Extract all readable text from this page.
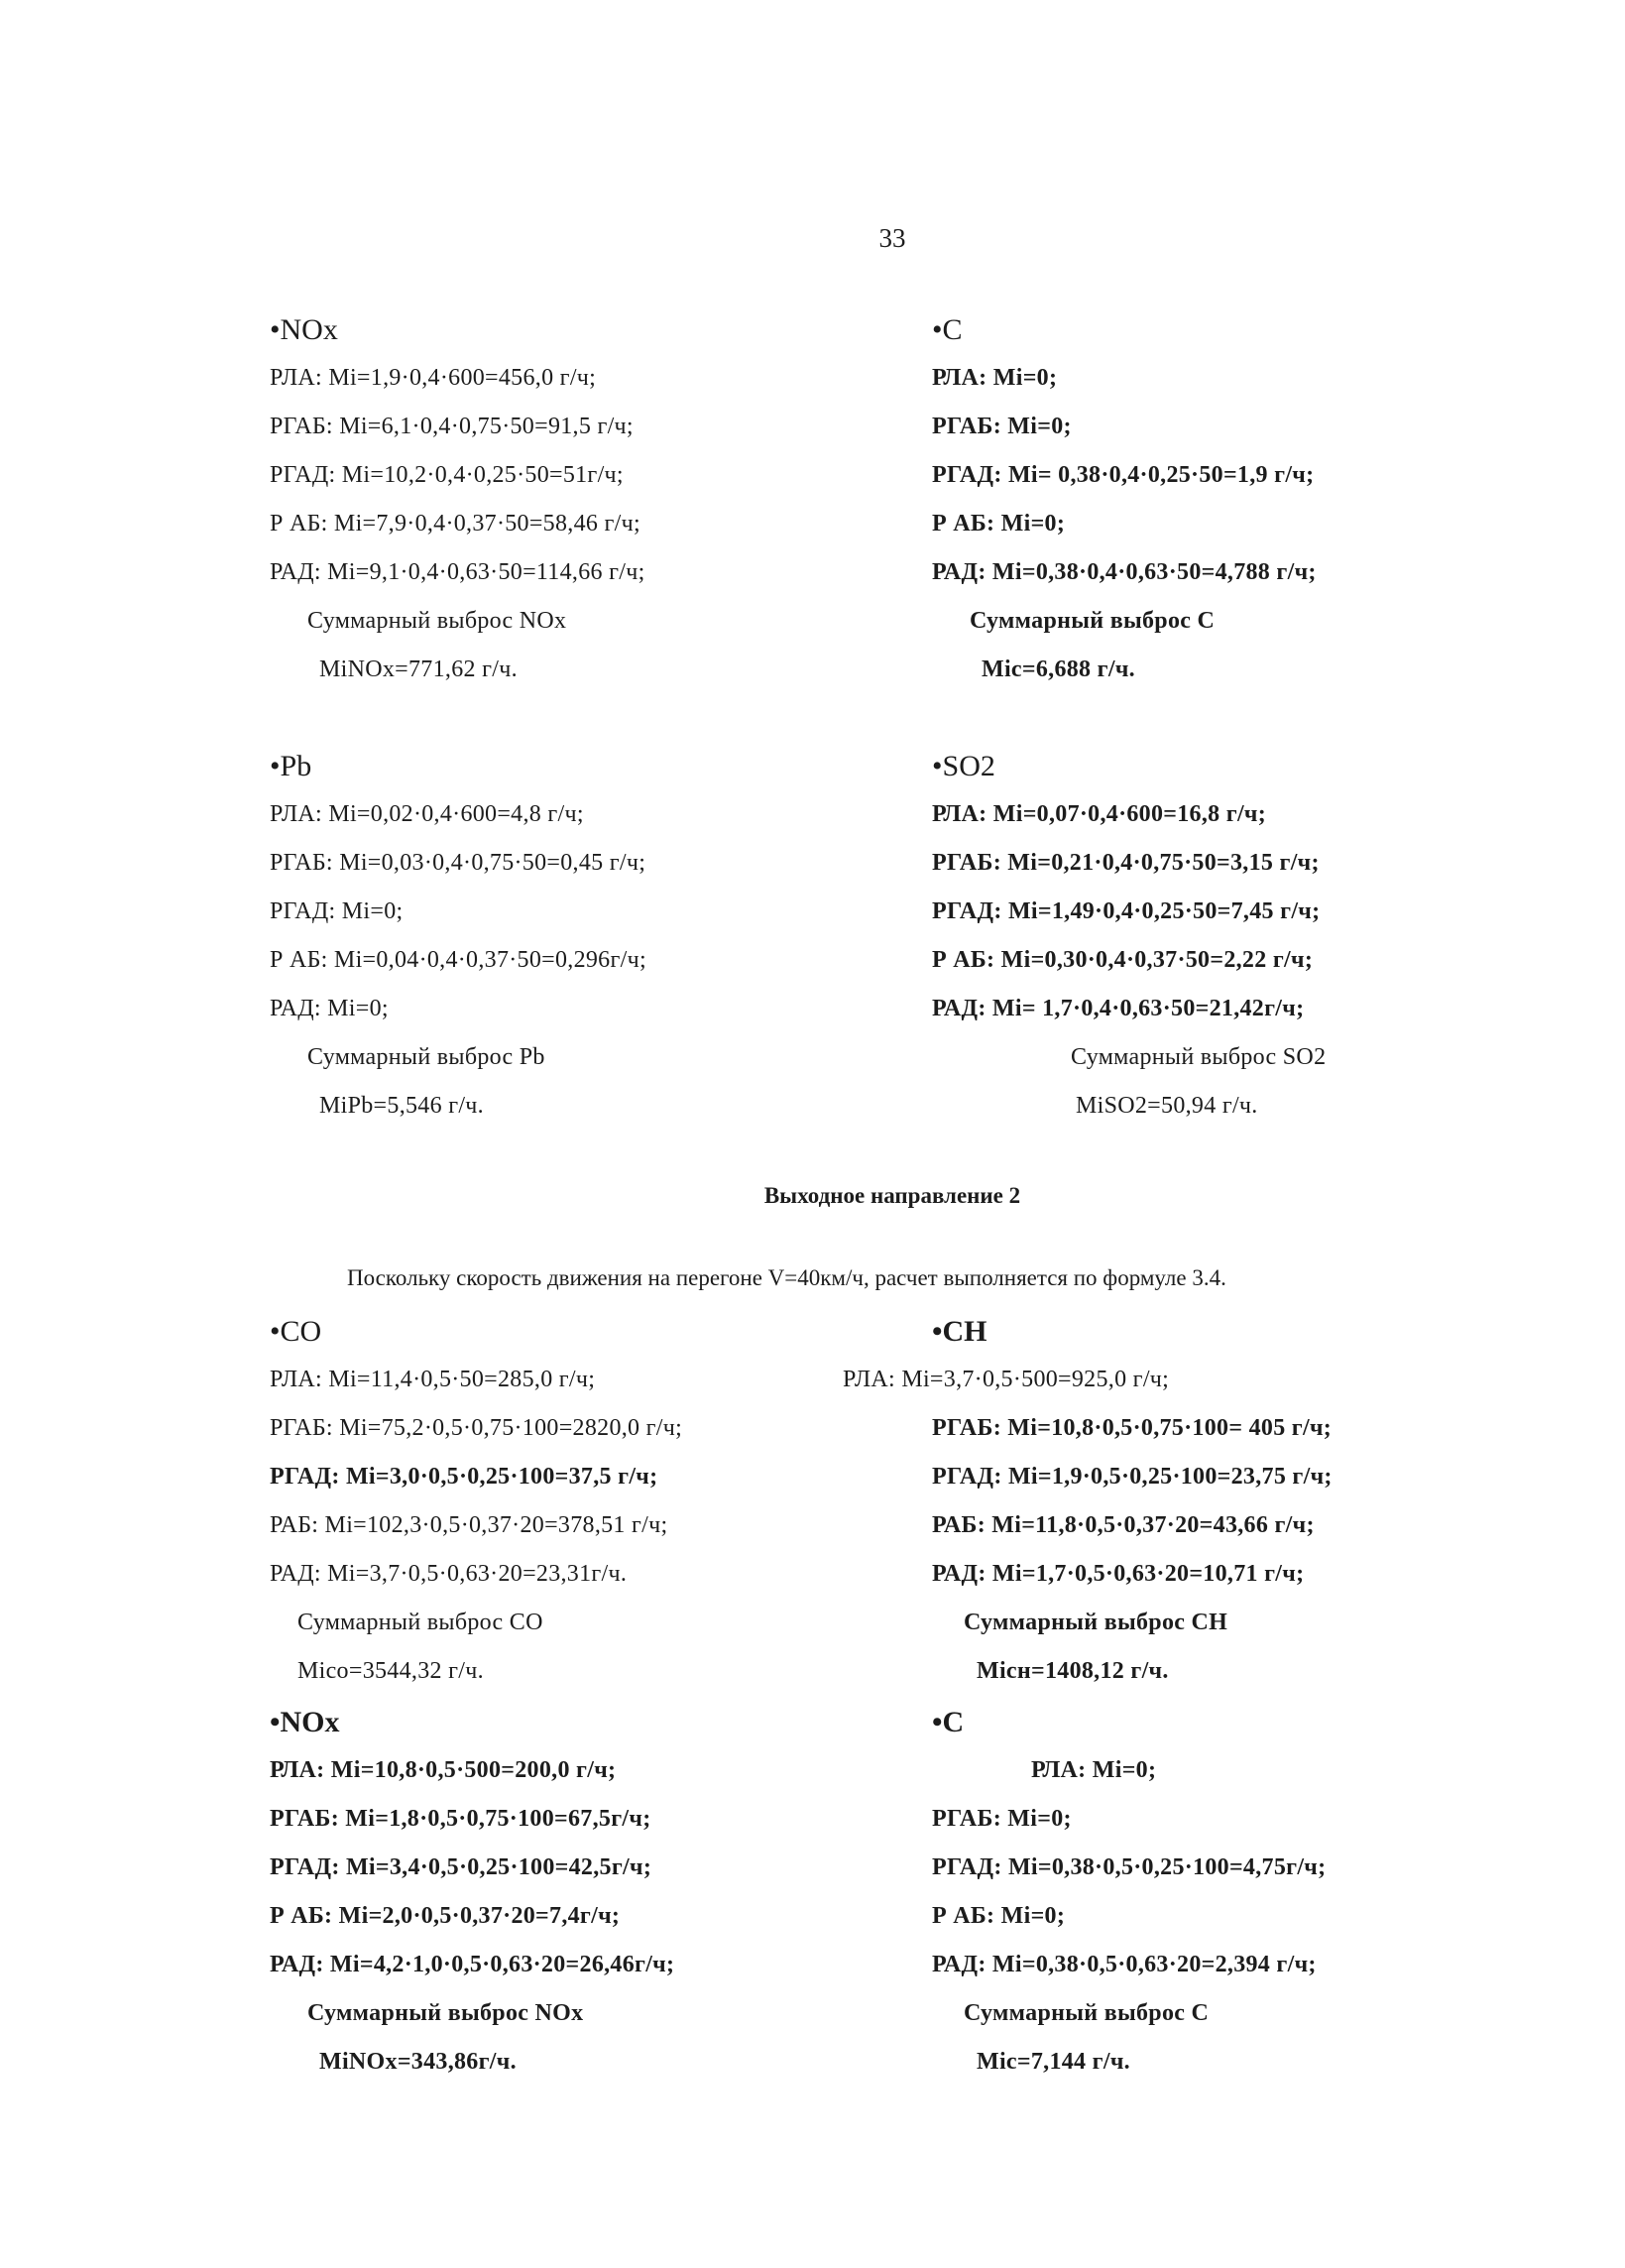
33
•NOx
РЛА: Mi=1,9·0,4·600=456,0 г/ч;
РГАБ: Mi=6,1·0,4·0,75·50=91,5 г/ч;
РГАД: Mi=10,2·0,4·0,25·50=51г/ч;
Р АБ: Mi=7,9·0,4·0,37·50=58,46 г/ч;
РАД: Mi=9,1·0,4·0,63·50=114,66 г/ч;
Суммарный выброс NOx
MiNOx=771,62 г/ч.
•C
РЛА: Mi=0;
РГАБ: Mi=0;
РГАД: Mi= 0,38·0,4·0,25·50=1,9 г/ч;
Р АБ: Mi=0;
РАД: Mi=0,38·0,4·0,63·50=4,788 г/ч;
Суммарный выброс C
Miс=6,688 г/ч.
•Pb
РЛА: Mi=0,02·0,4·600=4,8 г/ч;
РГАБ: Mi=0,03·0,4·0,75·50=0,45 г/ч;
РГАД: Mi=0;
Р АБ: Mi=0,04·0,4·0,37·50=0,296г/ч;
РАД: Mi=0;
Суммарный выброс Pb
MiPb=5,546 г/ч.
•SO2
РЛА: Mi=0,07·0,4·600=16,8 г/ч;
РГАБ: Mi=0,21·0,4·0,75·50=3,15 г/ч;
РГАД: Mi=1,49·0,4·0,25·50=7,45 г/ч;
Р АБ: Mi=0,30·0,4·0,37·50=2,22 г/ч;
РАД: Mi= 1,7·0,4·0,63·50=21,42г/ч;
Суммарный выброс SO2
MiSO2=50,94 г/ч.
Выходное направление 2
Поскольку скорость движения на перегоне V=40км/ч, расчет выполняется по формуле 3.4.
•CO
РЛА: Mi=11,4·0,5·50=285,0 г/ч;
РГАБ: Mi=75,2·0,5·0,75·100=2820,0 г/ч;
РГАД: Mi=3,0·0,5·0,25·100=37,5 г/ч;
РАБ: Mi=102,3·0,5·0,37·20=378,51 г/ч;
РАД: Mi=3,7·0,5·0,63·20=23,31г/ч.
Суммарный выброс CO
Miсо=3544,32 г/ч.
•CH
РЛА: Mi=3,7·0,5·500=925,0 г/ч;
РГАБ: Mi=10,8·0,5·0,75·100= 405 г/ч;
РГАД: Mi=1,9·0,5·0,25·100=23,75 г/ч;
РАБ: Mi=11,8·0,5·0,37·20=43,66 г/ч;
РАД: Mi=1,7·0,5·0,63·20=10,71 г/ч;
Суммарный выброс CH
Miсн=1408,12 г/ч.
•NOx
РЛА: Mi=10,8·0,5·500=200,0 г/ч;
РГАБ: Mi=1,8·0,5·0,75·100=67,5г/ч;
РГАД: Mi=3,4·0,5·0,25·100=42,5г/ч;
Р АБ: Mi=2,0·0,5·0,37·20=7,4г/ч;
РАД: Mi=4,2·1,0·0,5·0,63·20=26,46г/ч;
Суммарный выброс NOx
MiNOx=343,86г/ч.
•C
РЛА: Mi=0;
РГАБ: Mi=0;
РГАД: Mi=0,38·0,5·0,25·100=4,75г/ч;
Р АБ: Mi=0;
РАД: Mi=0,38·0,5·0,63·20=2,394 г/ч;
Суммарный выброс C
Miс=7,144 г/ч.
